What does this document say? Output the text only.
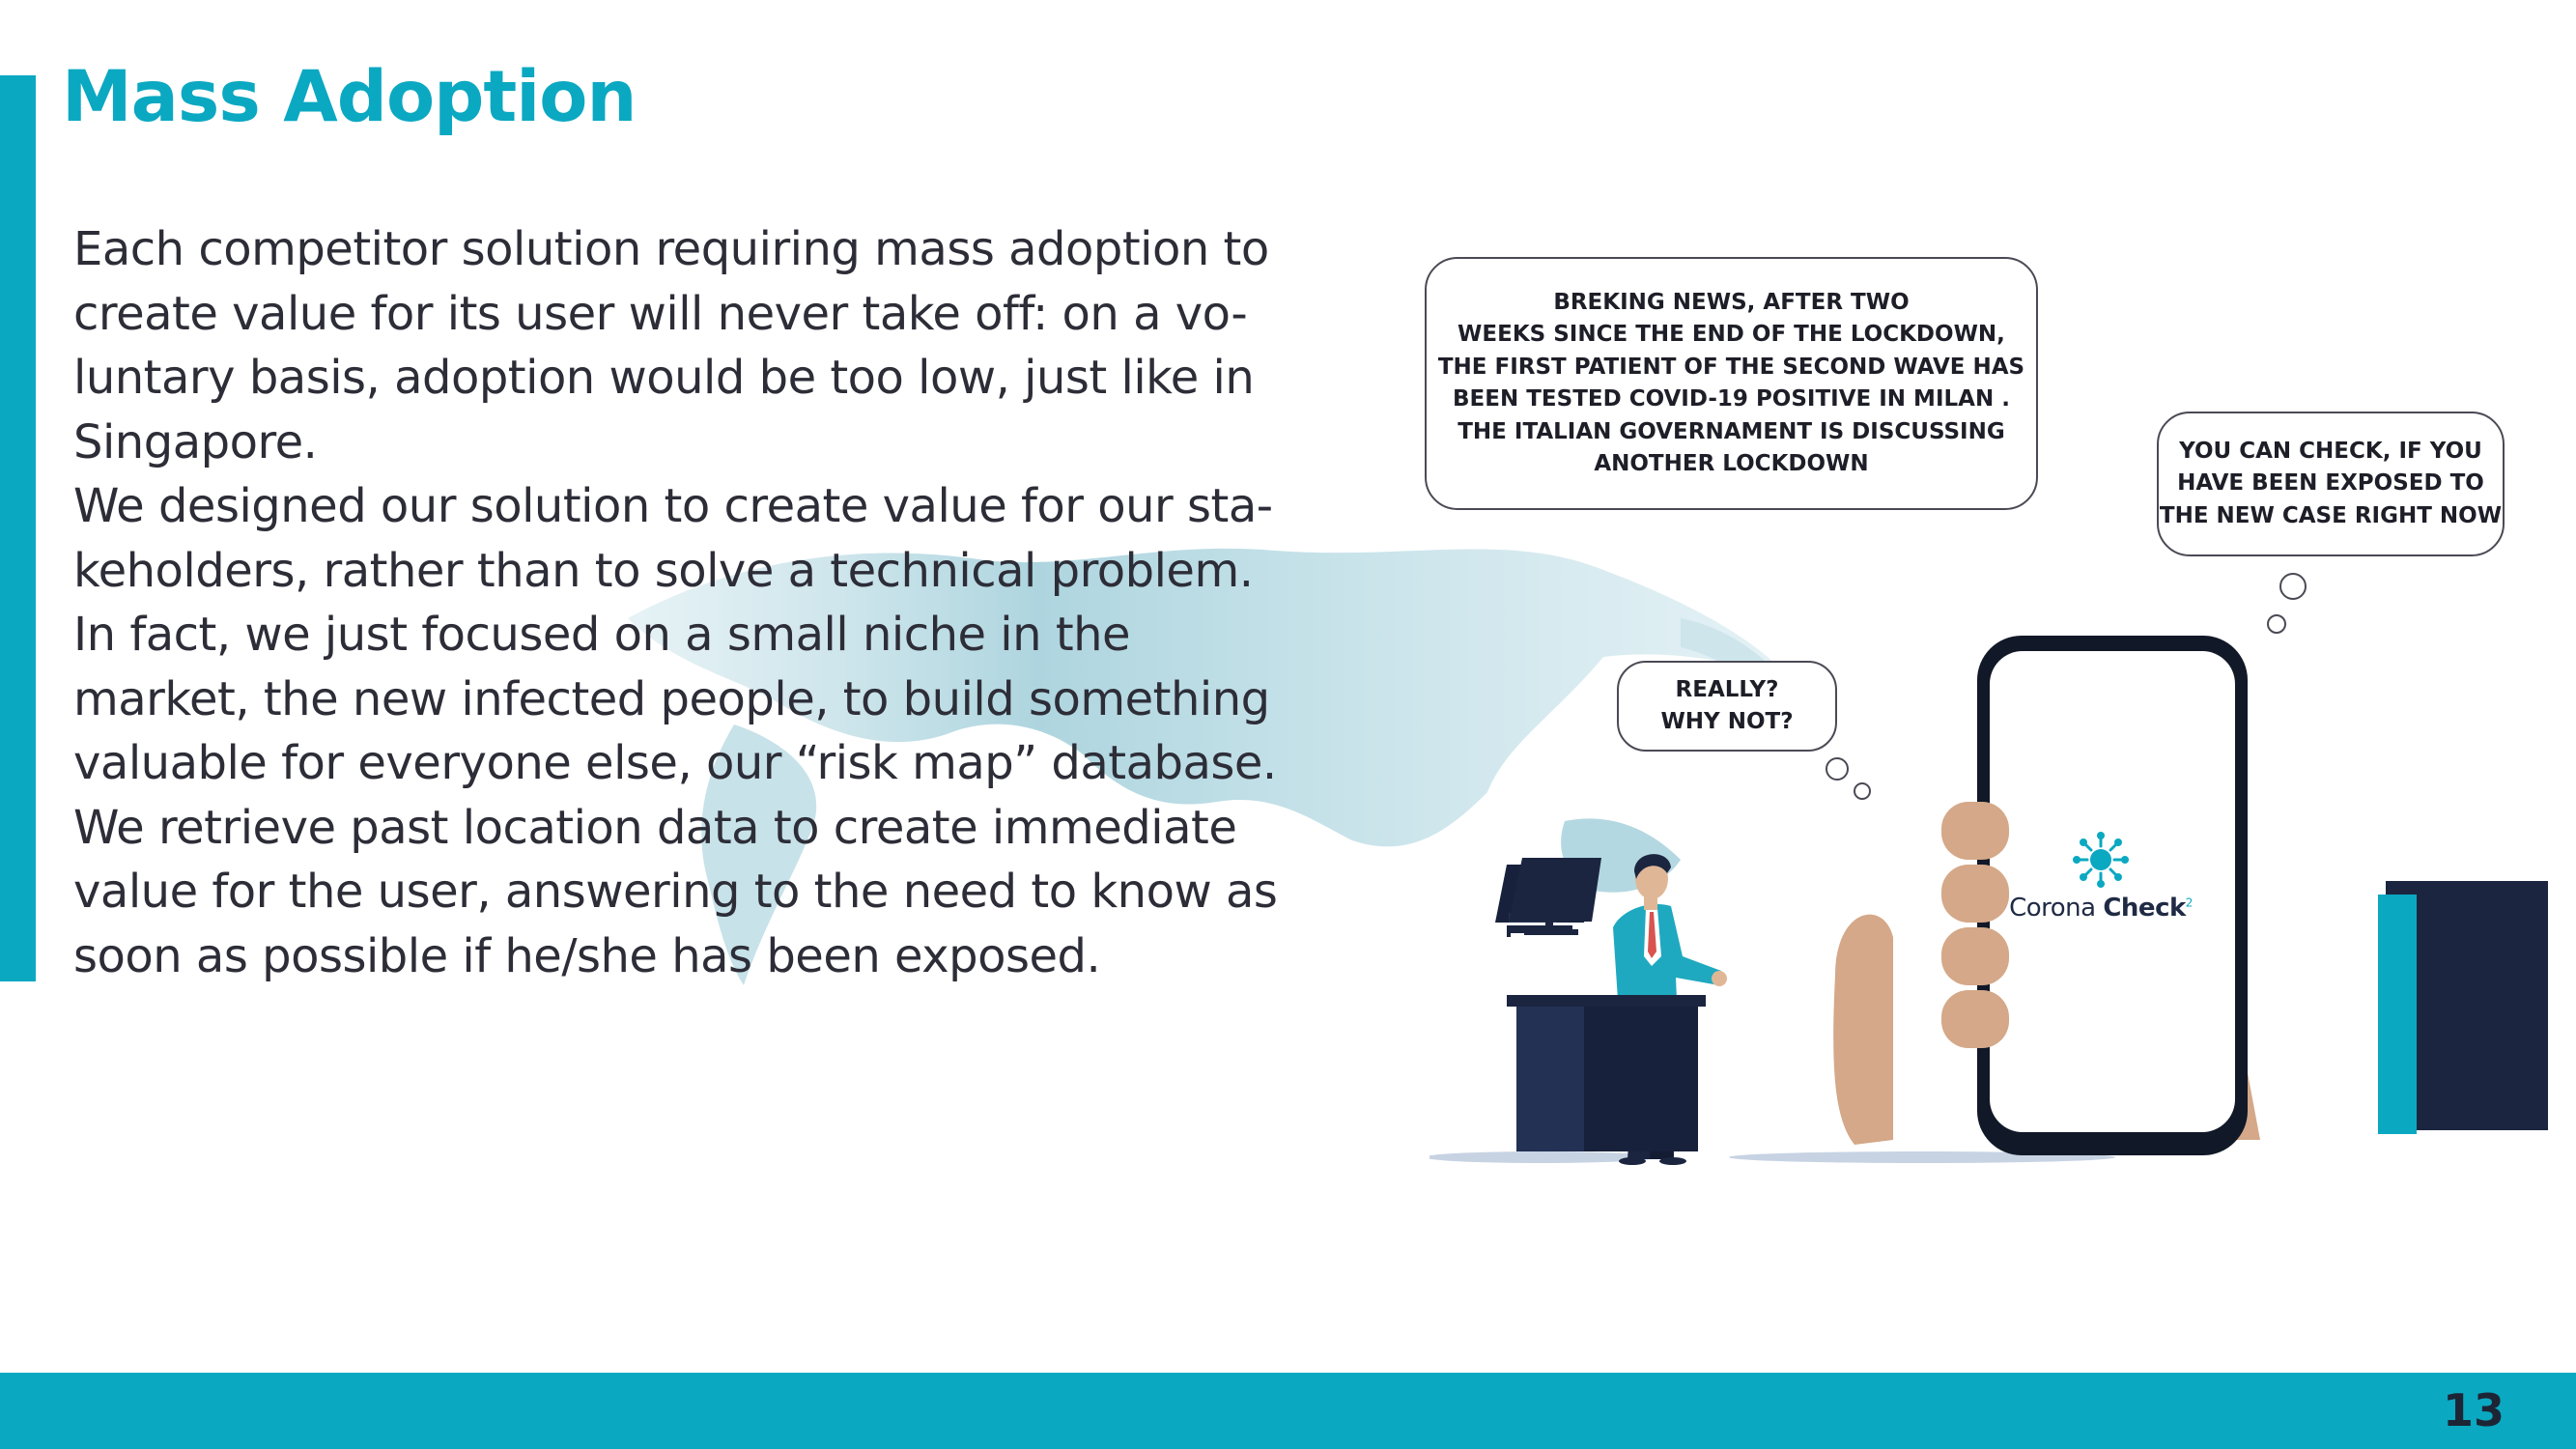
Mass Adoption
Each competitor solution requiring mass adoption to
create value for its user will never take off: on a vo-
luntary basis, adoption would be too low, just like in
Singapore.
We designed our solution to create value for our sta-
keholders, rather than to solve a technical problem.
In fact, we just focused on a small niche in the
market, the new infected people, to build something
valuable for everyone else, our “risk map” database.
We retrieve past location data to create immediate
value for the user, answering to the need to know as
soon as possible if he/she has been exposed.
BREKING NEWS, AFTER TWO
WEEKS SINCE THE END OF THE LOCKDOWN,
THE FIRST PATIENT OF THE SECOND WAVE HAS
BEEN TESTED COVID-19 POSITIVE IN MILAN .
THE ITALIAN GOVERNAMENT IS DISCUSSING
ANOTHER LOCKDOWN
YOU CAN CHECK, IF YOU
HAVE BEEN EXPOSED TO
THE NEW CASE RIGHT NOW
REALLY?
WHY NOT?
Corona Check$^2$
13
